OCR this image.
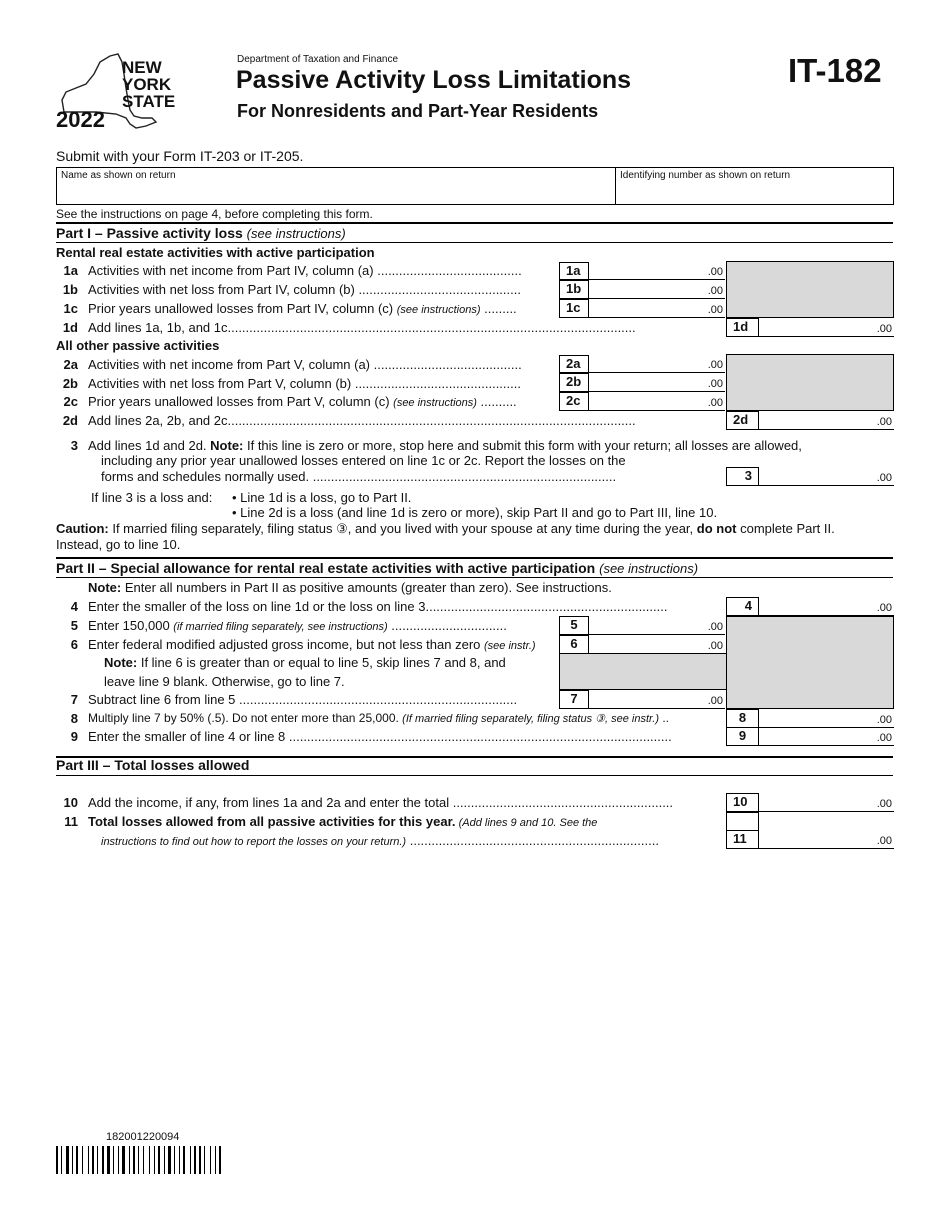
NEW
YORK
STATE
2022
Department of Taxation and Finance
Passive Activity Loss Limitations
For Nonresidents and Part-Year Residents
IT-182
Submit with your Form IT-203 or IT-205.
Name as shown on return	Identifying number as shown on return
See the instructions on page 4, before completing this form.
Part I – Passive activity loss (see instructions)
Rental real estate activities with active participation
1a Activities with net income from Part IV, column (a) ........................................	1a	.00
1b Activities with net loss from Part IV, column (b) .............................................	1b	.00
1c Prior years unallowed losses from Part IV, column (c) (see instructions) .........	1c	.00
1d Add lines 1a, 1b, and 1c.................................................................................................................	1d	.00
All other passive activities
2a Activities with net income from Part V, column (a) .........................................	2a	.00
2b Activities with net loss from Part V, column (b) ..............................................	2b	.00
2c Prior years unallowed losses from Part V, column (c) (see instructions) ..........	2c	.00
2d Add lines 2a, 2b, and 2c.................................................................................................................	2d	.00
3 Add lines 1d and 2d. Note: If this line is zero or more, stop here and submit this form with your return; all losses are allowed,
including any prior year unallowed losses entered on line 1c or 2c. Report the losses on the
forms and schedules normally used. ....................................................................................	3	.00
If line 3 is a loss and: • Line 1d is a loss, go to Part II.
• Line 2d is a loss (and line 1d is zero or more), skip Part II and go to Part III, line 10.
Caution: If married filing separately, filing status ③, and you lived with your spouse at any time during the year, do not complete Part II.
Instead, go to line 10.
Part II – Special allowance for rental real estate activities with active participation (see instructions)
Note: Enter all numbers in Part II as positive amounts (greater than zero). See instructions.
4 Enter the smaller of the loss on line 1d or the loss on line 3...................................................................	4	.00
5 Enter 150,000 (if married filing separately, see instructions) ................................	5	.00
6 Enter federal modified adjusted gross income, but not less than zero (see instr.)	6	.00
Note: If line 6 is greater than or equal to line 5, skip lines 7 and 8, and
leave line 9 blank. Otherwise, go to line 7.
7 Subtract line 6 from line 5 .............................................................................	7	.00
8 Multiply line 7 by 50% (.5). Do not enter more than 25,000. (If married filing separately, filing status ③, see instr.) ..	8	.00
9 Enter the smaller of line 4 or line 8 ..........................................................................................................	9	.00
Part III – Total losses allowed
10 Add the income, if any, from lines 1a and 2a and enter the total .............................................................	10	.00
11 Total losses allowed from all passive activities for this year. (Add lines 9 and 10. See the
instructions to find out how to report the losses on your return.) .....................................................................	11	.00
182001220094
